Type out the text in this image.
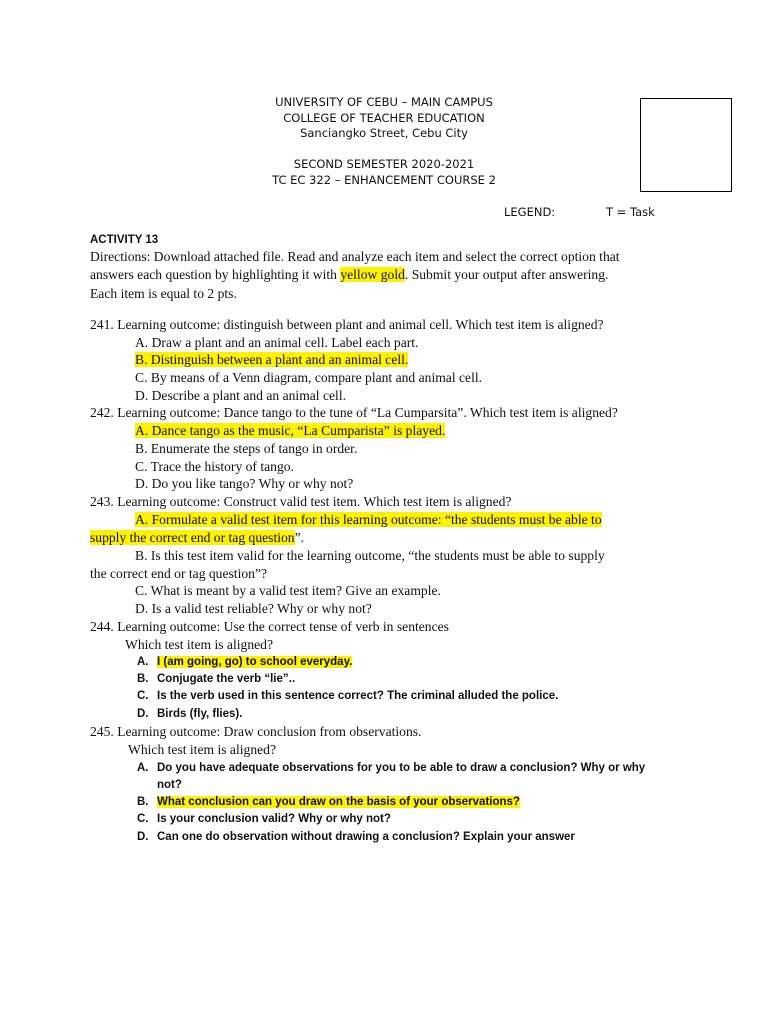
UNIVERSITY OF CEBU – MAIN CAMPUS
COLLEGE OF TEACHER EDUCATION
Sanciangko Street, Cebu City
SECOND SEMESTER 2020-2021
TC EC 322 – ENHANCEMENT COURSE 2
LEGEND:	T = Task
ACTIVITY 13
Directions: Download attached file. Read and analyze each item and select the correct option that
answers each question by highlighting it with yellow gold. Submit your output after answering.
Each item is equal to 2 pts.
241. Learning outcome: distinguish between plant and animal cell. Which test item is aligned?
A. Draw a plant and an animal cell. Label each part.
B. Distinguish between a plant and an animal cell.
C. By means of a Venn diagram, compare plant and animal cell.
D. Describe a plant and an animal cell.
242. Learning outcome: Dance tango to the tune of “La Cumparsita”. Which test item is aligned?
A. Dance tango as the music, “La Cumparista” is played.
B. Enumerate the steps of tango in order.
C. Trace the history of tango.
D. Do you like tango? Why or why not?
243. Learning outcome: Construct valid test item. Which test item is aligned?
A. Formulate a valid test item for this learning outcome: “the students must be able to
supply the correct end or tag question”.
B. Is this test item valid for the learning outcome, “the students must be able to supply
the correct end or tag question”?
C. What is meant by a valid test item? Give an example.
D. Is a valid test reliable? Why or why not?
244. Learning outcome: Use the correct tense of verb in sentences
Which test item is aligned?
A. I (am going, go) to school everyday.
B. Conjugate the verb “lie”..
C. Is the verb used in this sentence correct? The criminal alluded the police.
D. Birds (fly, flies).
245. Learning outcome: Draw conclusion from observations.
Which test item is aligned?
A. Do you have adequate observations for you to be able to draw a conclusion? Why or why
not?
B. What conclusion can you draw on the basis of your observations?
C. Is your conclusion valid? Why or why not?
D. Can one do observation without drawing a conclusion? Explain your answer
